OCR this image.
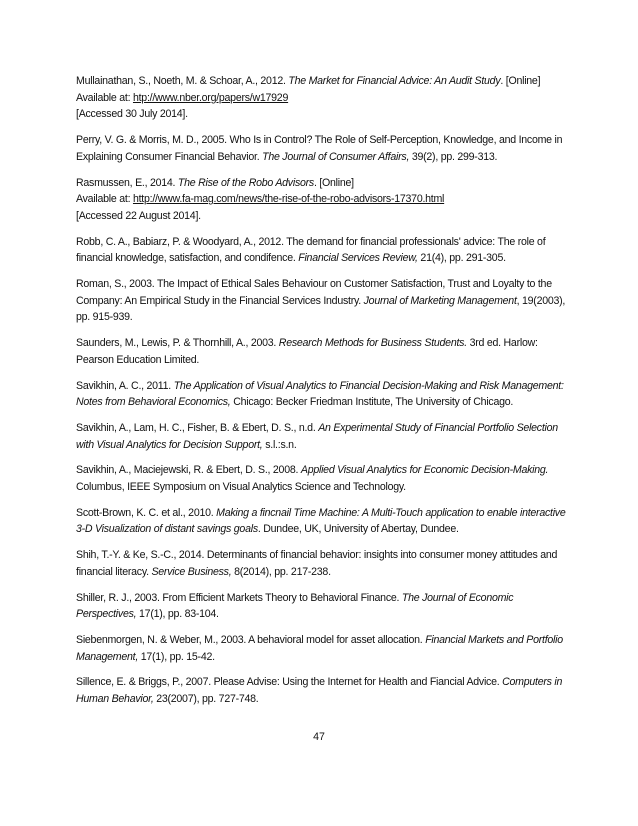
Mullainathan, S., Noeth, M. & Schoar, A., 2012. The Market for Financial Advice: An Audit Study. [Online]
Available at: htp://www.nber.org/papers/w17929
[Accessed 30 July 2014].

Perry, V. G. & Morris, M. D., 2005. Who Is in Control? The Role of Self-Perception, Knowledge, and Income in Explaining Consumer Financial Behavior. The Journal of Consumer Affairs, 39(2), pp. 299-313.

Rasmussen, E., 2014. The Rise of the Robo Advisors. [Online]
Available at: http://www.fa-mag.com/news/the-rise-of-the-robo-advisors-17370.html
[Accessed 22 August 2014].

Robb, C. A., Babiarz, P. & Woodyard, A., 2012. The demand for financial professionals' advice: The role of financial knowledge, satisfaction, and condifence. Financial Services Review, 21(4), pp. 291-305.

Roman, S., 2003. The Impact of Ethical Sales Behaviour on Customer Satisfaction, Trust and Loyalty to the Company: An Empirical Study in the Financial Services Industry. Journal of Marketing Management, 19(2003), pp. 915-939.

Saunders, M., Lewis, P. & Thornhill, A., 2003. Research Methods for Business Students. 3rd ed. Harlow: Pearson Education Limited.

Savikhin, A. C., 2011. The Application of Visual Analytics to Financial Decision-Making and Risk Management: Notes from Behavioral Economics, Chicago: Becker Friedman Institute, The University of Chicago.

Savikhin, A., Lam, H. C., Fisher, B. & Ebert, D. S., n.d. An Experimental Study of Financial Portfolio Selection with Visual Analytics for Decision Support, s.l.:s.n.

Savikhin, A., Maciejewski, R. & Ebert, D. S., 2008. Applied Visual Analytics for Economic Decision-Making. Columbus, IEEE Symposium on Visual Analytics Science and Technology.

Scott-Brown, K. C. et al., 2010. Making a fincnail Time Machine: A Multi-Touch application to enable interactive 3-D Visualization of distant savings goals. Dundee, UK, University of Abertay, Dundee.

Shih, T.-Y. & Ke, S.-C., 2014. Determinants of financial behavior: insights into consumer money attitudes and financial literacy. Service Business, 8(2014), pp. 217-238.

Shiller, R. J., 2003. From Efficient Markets Theory to Behavioral Finance. The Journal of Economic Perspectives, 17(1), pp. 83-104.

Siebenmorgen, N. & Weber, M., 2003. A behavioral model for asset allocation. Financial Markets and Portfolio Management, 17(1), pp. 15-42.

Sillence, E. & Briggs, P., 2007. Please Advise: Using the Internet for Health and Fiancial Advice. Computers in Human Behavior, 23(2007), pp. 727-748.

47
